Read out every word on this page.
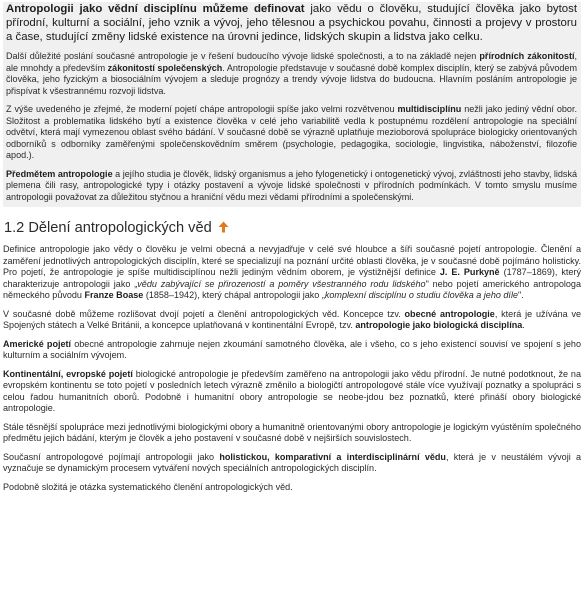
Antropologii jako vědní disciplínu můžeme definovat jako vědu o člověku, studující člověka jako bytost přírodní, kulturní a sociální, jeho vznik a vývoj, jeho tělesnou a psychickou povahu, činnosti a projevy v prostoru a čase, studující změny lidské existence na úrovni jedince, lidských skupin a lidstva jako celku.

Další důležité poslání současné antropologie je v řešení budoucího vývoje lidské společnosti, a to na základě nejen přírodních zákonitostí, ale mnohdy a především zákonitostí společenských. Antropologie představuje v současné době komplex disciplín, který se zabývá původem člověka, jeho fyzickým a biosociálním vývojem a sleduje prognózy a trendy vývoje lidstva do budoucna. Hlavním posláním antropologie je přispívat k všestrannému rozvoji lidstva.

Z výše uvedeného je zřejmé, že moderní pojetí chápe antropologii spíše jako velmi rozvětvenou multidisciplínu nežli jako jediný vědní obor. Složitost a problematika lidského bytí a existence člověka v celé jeho variabilitě vedla k postupnému rozdělení antropologie na speciální odvětví, která mají vymezenou oblast svého bádání. V současné době se výrazně uplatňuje mezioborová spolupráce biologicky orientovaných odborníků s odborníky zaměřenými společenskovědním směrem (psychologie, pedagogika, sociologie, lingvistika, náboženství, filozofie apod.).

Předmětem antropologie a jejího studia je člověk, lidský organismus a jeho fylogenetický i ontogenetický vývoj, zvláštnosti jeho stavby, lidská plemena čili rasy, antropologické typy i otázky postavení a vývoje lidské společnosti v přírodních podmínkách. V tomto smyslu musíme antropologii považovat za důležitou styčnou a hraniční vědu mezi vědami přírodními a společenskými.

1.2 Dělení antropologických věd

Definice antropologie jako vědy o člověku je velmi obecná a nevyjadřuje v celé své hloubce a šíři současné pojetí antropologie. Členění a zaměření jednotlivých antropologických disciplín, které se specializují na poznání určité oblasti člověka, je v současné době pojímáno holisticky. Pro pojetí, že antropologie je spíše multidisciplínou nežli jediným vědním oborem, je výstižnější definice J. E. Purkyně (1787–1869), který charakterizuje antropologii jako „vědu zabývající se přirozeností a poměry všestranného rodu lidského" nebo pojetí amerického antropologa německého původu Franze Boase (1858–1942), který chápal antropologii jako „komplexní disciplínu o studiu člověka a jeho díle".

V současné době můžeme rozlišovat dvojí pojetí a členění antropologických věd. Koncepce tzv. obecné antropologie, která je užívána ve Spojených státech a Velké Británii, a koncepce uplatňovaná v kontinentální Evropě, tzv. antropologie jako biologická disciplína.

Americké pojetí obecné antropologie zahrnuje nejen zkoumání samotného člověka, ale i všeho, co s jeho existencí souvisí ve spojení s jeho kulturním a sociálním vývojem.

Kontinentální, evropské pojetí biologické antropologie je především zaměřeno na antropologii jako vědu přírodní. Je nutné podotknout, že na evropském kontinentu se toto pojetí v posledních letech výrazně změnilo a biologičtí antropologové stále více využívají poznatky a spolupráci s celou řadou humanitních oborů. Podobně i humanitní obory antropologie se neobe-jdou bez poznatků, které přináší obory biologické antropologie.

Stále těsnější spolupráce mezi jednotlivými biologickými obory a humanitně orientovanými obory antropologie je logickým vyústěním společného předmětu jejich bádání, kterým je člověk a jeho postavení v současné době v nejširších souvislostech.

Současní antropologové pojímají antropologii jako holistickou, komparativní a interdisciplinární vědu, která je v neustálém vývoji a vyznačuje se dynamickým procesem vytváření nových speciálních antropologických disciplín.

Podobně složitá je otázka systematického členění antropologických věd.
